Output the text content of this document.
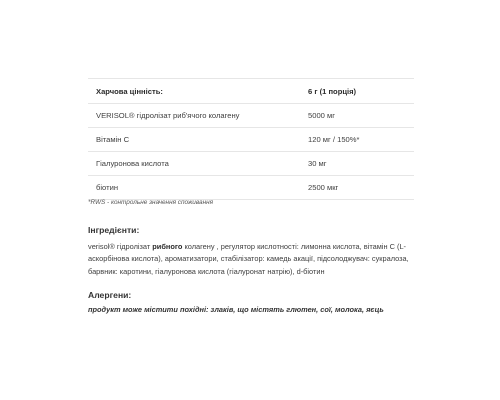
Харчова цінність:	6 г (1 порція)
VERISOL® гідролізат риб'ячого колагену	5000 мг
Вітамін С	120 мг / 150%*
Гіалуронова кислота	30 мг
біотин	2500 мкг
*RWS - контрольне значення споживання
Інгредієнти:
verisol® гідролізат рибного колагену , регулятор кислотності: лимонна кислота, вітамін С (L-аскорбінова кислота), ароматизатори, стабілізатор: камедь акації, підсолоджувач: сукралоза, барвник: каротини, гіалуронова кислота (гіалуронат натрію), d-біотин
Алергени:
продукт може містити похідні: злаків, що містять глютен, сої, молока, яєць
